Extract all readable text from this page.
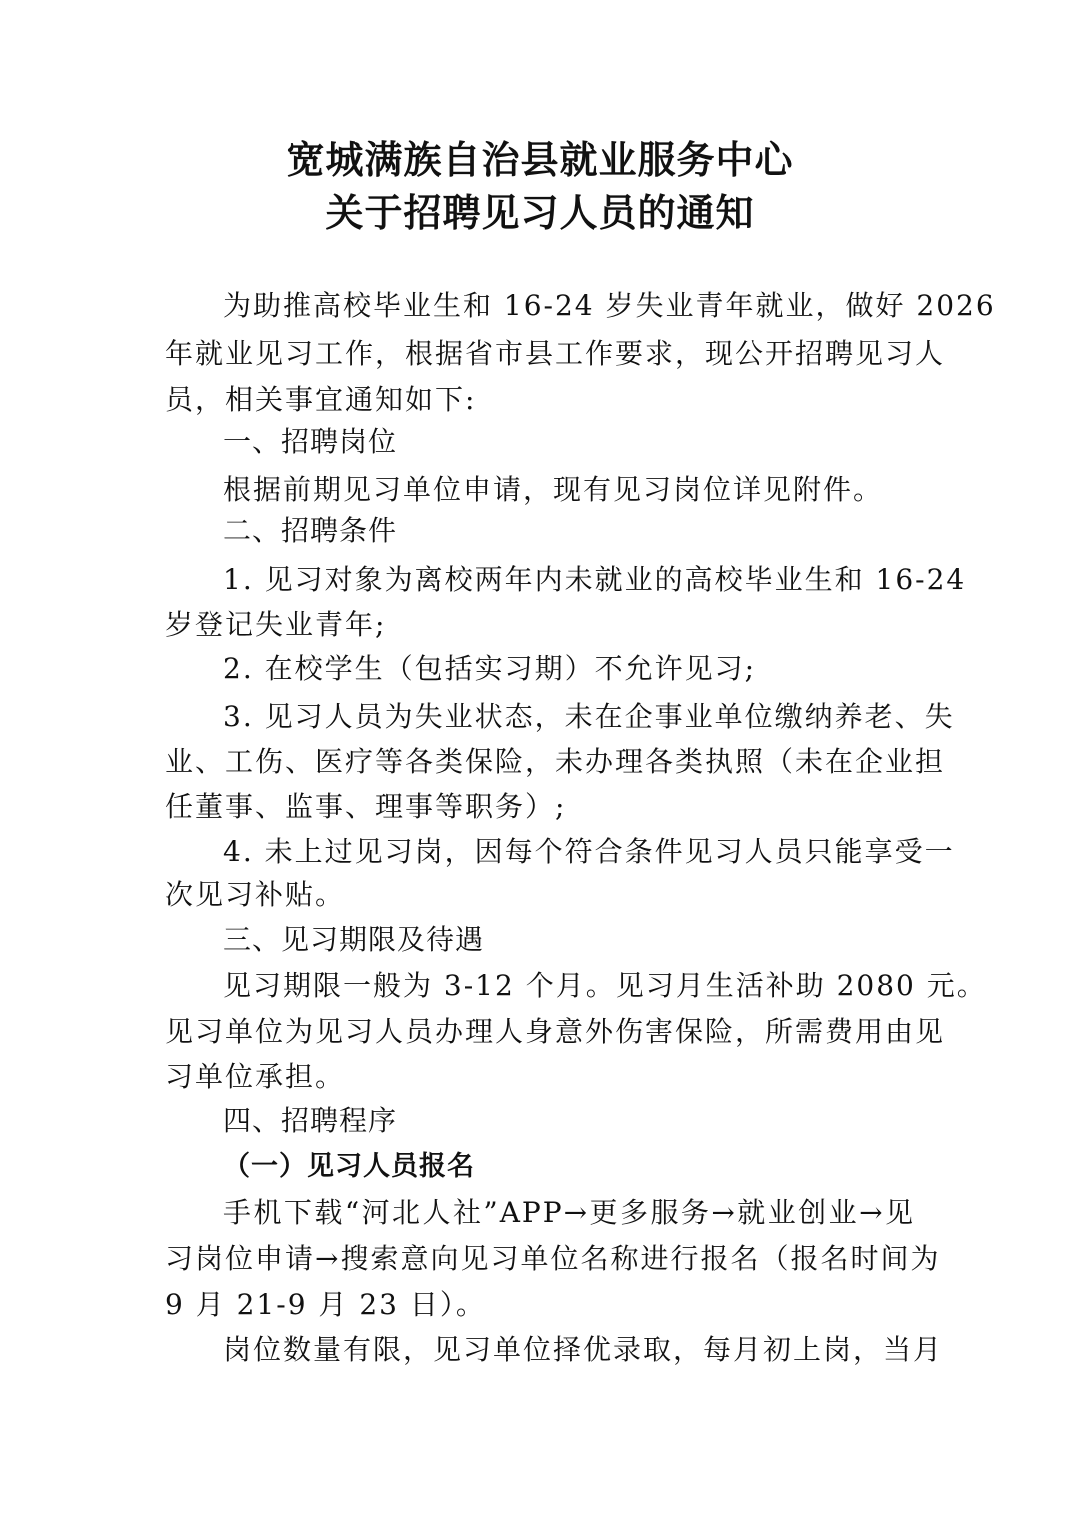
宽城满族自治县就业服务中心
关于招聘见习人员的通知
为助推高校毕业生和 16-24 岁失业青年就业，做好 2026
年就业见习工作，根据省市县工作要求，现公开招聘见习人
员，相关事宜通知如下:
一、招聘岗位
根据前期见习单位申请，现有见习岗位详见附件。
二、招聘条件
1. 见习对象为离校两年内未就业的高校毕业生和 16-24
岁登记失业青年;
2. 在校学生（包括实习期）不允许见习;
3. 见习人员为失业状态，未在企事业单位缴纳养老、失
业、工伤、医疗等各类保险，未办理各类执照（未在企业担
任董事、监事、理事等职务）;
4. 未上过见习岗，因每个符合条件见习人员只能享受一
次见习补贴。
三、见习期限及待遇
见习期限一般为 3-12 个月。见习月生活补助 2080 元。
见习单位为见习人员办理人身意外伤害保险，所需费用由见
习单位承担。
四、招聘程序
（一）见习人员报名
手机下载“河北人社”APP→更多服务→就业创业→见
习岗位申请→搜索意向见习单位名称进行报名（报名时间为
9 月 21-9 月 23 日）。
岗位数量有限，见习单位择优录取，每月初上岗，当月
